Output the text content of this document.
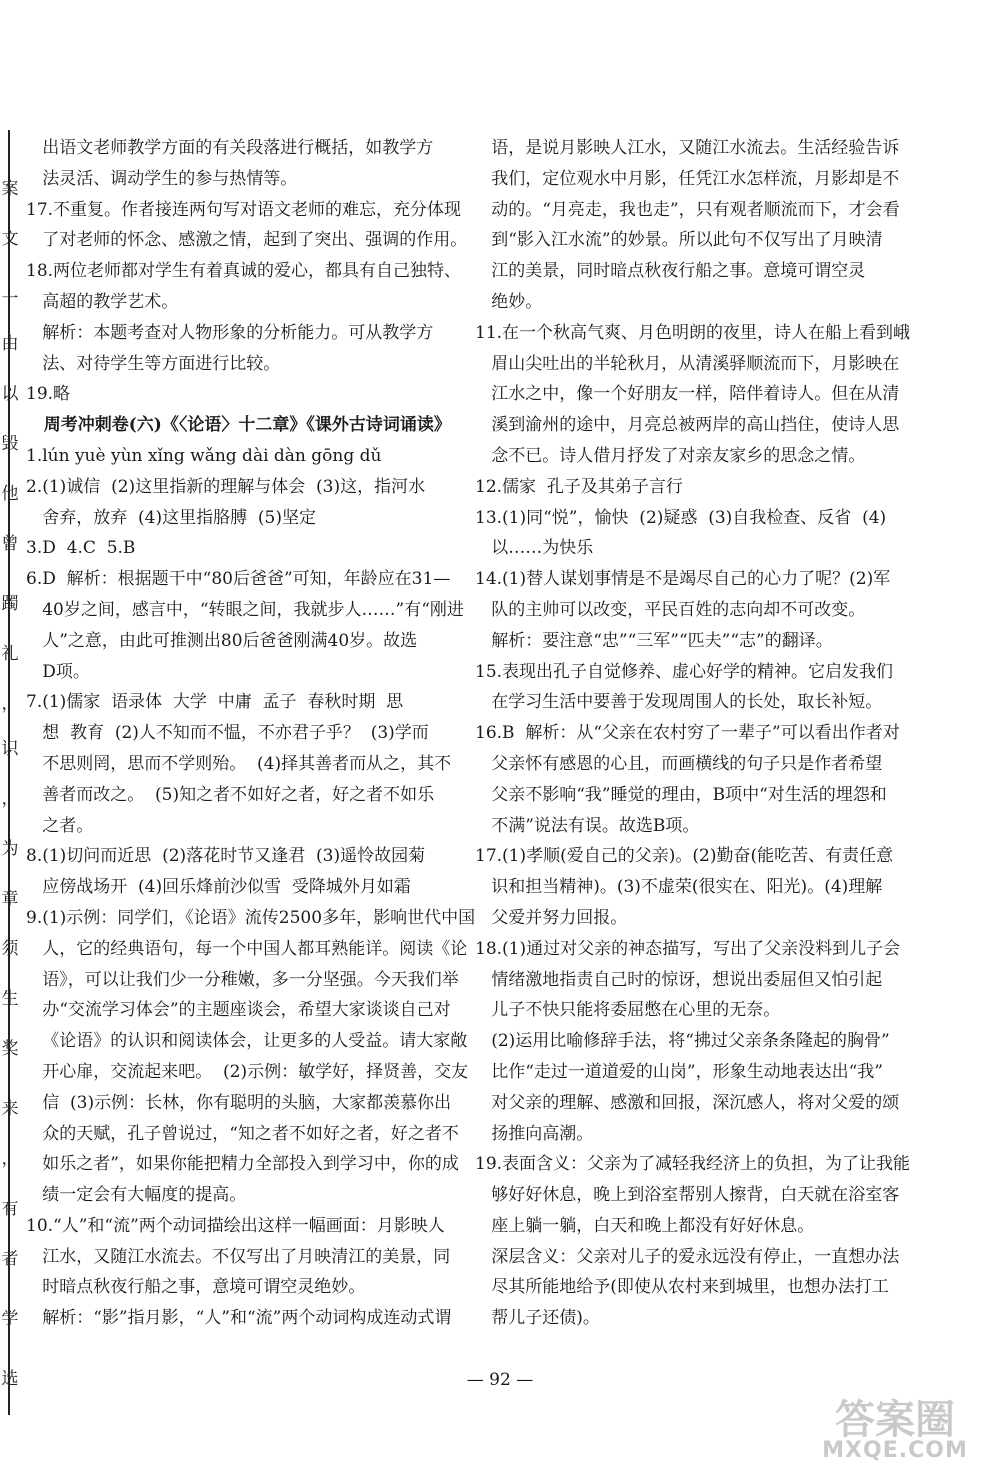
案
文
一
由
以
毁
他
曾
躅
礼
，
识
，
为
章
须
生
奖
来
，
有
者
学
选
出语文老师教学方面的有关段落进行概括，如教学方
法灵活、调动学生的参与热情等。
17.不重复。作者接连两句写对语文老师的难忘，充分体现
了对老师的怀念、感激之情，起到了突出、强调的作用。
18.两位老师都对学生有着真诚的爱心，都具有自己独特、
高超的教学艺术。
解析：本题考查对人物形象的分析能力。可从教学方
法、对待学生等方面进行比较。
19.略
周考冲刺卷(六)《〈论语〉十二章》《课外古诗词诵读》
1.lún yuè yùn xǐng wǎng dài dàn gōng dǔ
2.(1)诚信  (2)这里指新的理解与体会  (3)这，指河水
舍弃，放弃  (4)这里指胳膊  (5)坚定
3.D  4.C  5.B
6.D  解析：根据题干中“80后爸爸”可知，年龄应在31—
40岁之间，感言中，“转眼之间，我就步人……”有“刚进
人”之意，由此可推测出80后爸爸刚满40岁。故选
D项。
7.(1)儒家  语录体  大学  中庸  孟子  春秋时期  思
想  教育  (2)人不知而不愠，不亦君子乎？  (3)学而
不思则罔，思而不学则殆。  (4)择其善者而从之，其不
善者而改之。  (5)知之者不如好之者，好之者不如乐
之者。
8.(1)切问而近思  (2)落花时节又逢君  (3)遥怜故园菊
应傍战场开  (4)回乐烽前沙似雪  受降城外月如霜
9.(1)示例：同学们，《论语》流传2500多年，影响世代中国
人，它的经典语句，每一个中国人都耳熟能详。阅读《论
语》，可以让我们少一分稚嫩，多一分坚强。今天我们举
办“交流学习体会”的主题座谈会，希望大家谈谈自己对
《论语》的认识和阅读体会，让更多的人受益。请大家敞
开心扉，交流起来吧。  (2)示例：敏学好，择贤善，交友
信  (3)示例：长林，你有聪明的头脑，大家都羡慕你出
众的天赋，孔子曾说过，“知之者不如好之者，好之者不
如乐之者”，如果你能把精力全部投入到学习中，你的成
绩一定会有大幅度的提高。
10.“人”和“流”两个动词描绘出这样一幅画面：月影映人
江水，又随江水流去。不仅写出了月映清江的美景，同
时暗点秋夜行船之事，意境可谓空灵绝妙。
解析：“影”指月影，“人”和“流”两个动词构成连动式谓
语，是说月影映人江水，又随江水流去。生活经验告诉
我们，定位观水中月影，任凭江水怎样流，月影却是不
动的。“月亮走，我也走”，只有观者顺流而下，才会看
到“影入江水流”的妙景。所以此句不仅写出了月映清
江的美景，同时暗点秋夜行船之事。意境可谓空灵
绝妙。
11.在一个秋高气爽、月色明朗的夜里，诗人在船上看到峨
眉山尖吐出的半轮秋月，从清溪驿顺流而下，月影映在
江水之中，像一个好朋友一样，陪伴着诗人。但在从清
溪到渝州的途中，月亮总被两岸的高山挡住，使诗人思
念不已。诗人借月抒发了对亲友家乡的思念之情。
12.儒家  孔子及其弟子言行
13.(1)同“悦”，愉快  (2)疑惑  (3)自我检查、反省  (4)
以……为快乐
14.(1)替人谋划事情是不是竭尽自己的心力了呢？(2)军
队的主帅可以改变，平民百姓的志向却不可改变。
解析：要注意“忠”“三军”“匹夫”“志”的翻译。
15.表现出孔子自觉修养、虚心好学的精神。它启发我们
在学习生活中要善于发现周围人的长处，取长补短。
16.B  解析：从“父亲在农村穷了一辈子”可以看出作者对
父亲怀有感恩的心且，而画横线的句子只是作者希望
父亲不影响“我”睡觉的理由，B项中“对生活的埋怨和
不满”说法有误。故选B项。
17.(1)孝顺(爱自己的父亲)。(2)勤奋(能吃苦、有责任意
识和担当精神)。(3)不虚荣(很实在、阳光)。(4)理解
父爱并努力回报。
18.(1)通过对父亲的神态描写，写出了父亲没料到儿子会
情绪激地指责自己时的惊讶，想说出委屈但又怕引起
儿子不快只能将委屈憋在心里的无奈。
(2)运用比喻修辞手法，将“拂过父亲条条隆起的胸骨”
比作“走过一道道爱的山岗”，形象生动地表达出“我”
对父亲的理解、感激和回报，深沉感人，将对父爱的颂
扬推向高潮。
19.表面含义：父亲为了减轻我经济上的负担，为了让我能
够好好休息，晚上到浴室帮别人擦背，白天就在浴室客
座上躺一躺，白天和晚上都没有好好休息。
深层含义：父亲对儿子的爱永远没有停止，一直想办法
尽其所能地给予(即使从农村来到城里，也想办法打工
帮儿子还债)。
— 92 —
答案圈
MXQE.COM
